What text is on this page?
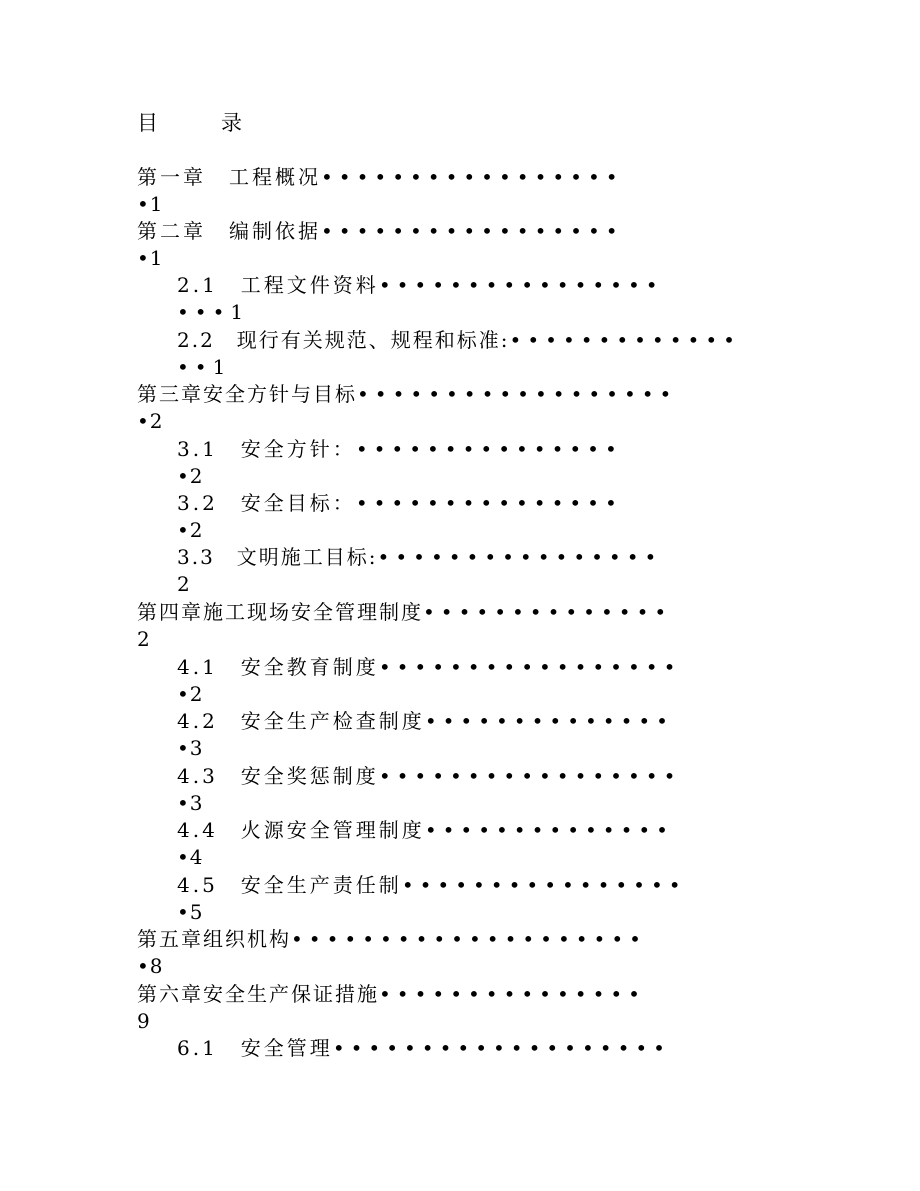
目　　　录
第一章　工程概况•••••••••••••••••
•1
第二章　编制依据•••••••••••••••••
•1
2.1　工程文件资料••••••••••••••••
•••1
2.2　现行有关规范、规程和标准:•••••••••••••
••1
第三章安全方针与目标••••••••••••••••••
•2
3.1　安全方针：•••••••••••••••
•2
3.2　安全目标：•••••••••••••••
•2
3.3　文明施工目标:••••••••••••••••
2
第四章施工现场安全管理制度••••••••••••••
2
4.1　安全教育制度•••••••••••••••••
•2
4.2　安全生产检查制度••••••••••••••
•3
4.3　安全奖惩制度•••••••••••••••••
•3
4.4　火源安全管理制度••••••••••••••
•4
4.5　安全生产责任制••••••••••••••••
•5
第五章组织机构••••••••••••••••••••
•8
第六章安全生产保证措施•••••••••••••••
9
6.1　安全管理•••••••••••••••••••
